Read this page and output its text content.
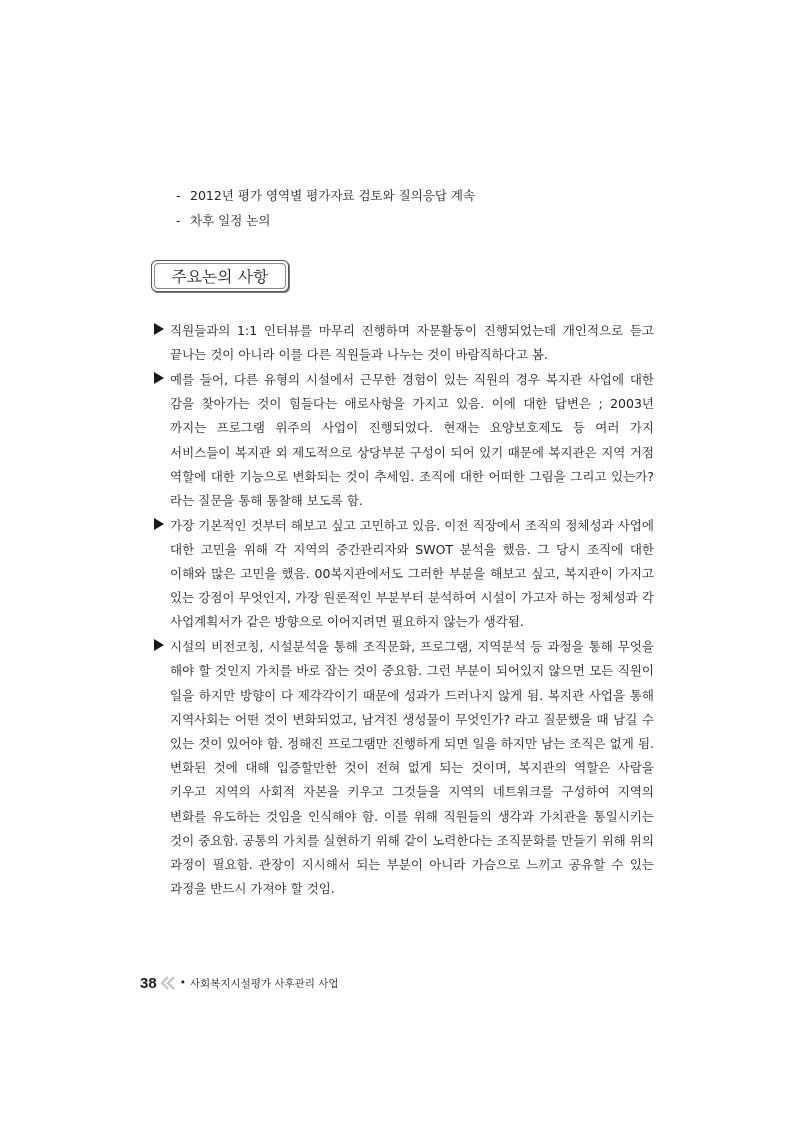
- 2012년 평가 영역별 평가자료 검토와 질의응답 계속
- 차후 일정 논의
주요논의 사항
직원들과의 1:1 인터뷰를 마무리 진행하며 자문활동이 진행되었는데 개인적으로 듣고 끝나는 것이 아니라 이를 다른 직원들과 나누는 것이 바람직하다고 봄.
예를 들어, 다른 유형의 시설에서 근무한 경험이 있는 직원의 경우 복지관 사업에 대한 감을 찾아가는 것이 힘들다는 애로사항을 가지고 있음. 이에 대한 답변은 ; 2003년 까지는 프로그램 위주의 사업이 진행되었다. 현재는 요양보호제도 등 여러 가지 서비스들이 복지관 외 제도적으로 상당부분 구성이 되어 있기 때문에 복지관은 지역 거점 역할에 대한 기능으로 변화되는 것이 추세임. 조직에 대한 어떠한 그림을 그리고 있는가? 라는 질문을 통해 통찰해 보도록 함.
가장 기본적인 것부터 해보고 싶고 고민하고 있음. 이전 직장에서 조직의 정체성과 사업에 대한 고민을 위해 각 지역의 중간관리자와 SWOT 분석을 했음. 그 당시 조직에 대한 이해와 많은 고민을 했음. 00복지관에서도 그러한 부분을 해보고 싶고, 복지관이 가지고 있는 강점이 무엇인지, 가장 원론적인 부분부터 분석하여 시설이 가고자 하는 정체성과 각 사업계획서가 같은 방향으로 이어지려면 필요하지 않는가 생각됨.
시설의 비전코칭, 시설분석을 통해 조직문화, 프로그램, 지역분석 등 과정을 통해 무엇을 해야 할 것인지 가치를 바로 잡는 것이 중요함. 그런 부분이 되어있지 않으면 모든 직원이 일을 하지만 방향이 다 제각각이기 때문에 성과가 드러나지 않게 됨. 복지관 사업을 통해 지역사회는 어떤 것이 변화되었고, 남겨진 생성물이 무엇인가? 라고 질문했을 때 남길 수 있는 것이 있어야 함. 정해진 프로그램만 진행하게 되면 일을 하지만 남는 조직은 없게 됨. 변화된 것에 대해 입증할만한 것이 전혀 없게 되는 것이며, 복지관의 역할은 사람을 키우고 지역의 사회적 자본을 키우고 그것들을 지역의 네트워크를 구성하여 지역의 변화를 유도하는 것임을 인식해야 함. 이를 위해 직원들의 생각과 가치관을 통일시키는 것이 중요함. 공통의 가치를 실현하기 위해 같이 노력한다는 조직문화를 만들기 위해 위의 과정이 필요함. 관장이 지시해서 되는 부분이 아니라 가슴으로 느끼고 공유할 수 있는 과정을 반드시 가져야 할 것임.
38 • 사회복지시설평가 사후관리 사업
